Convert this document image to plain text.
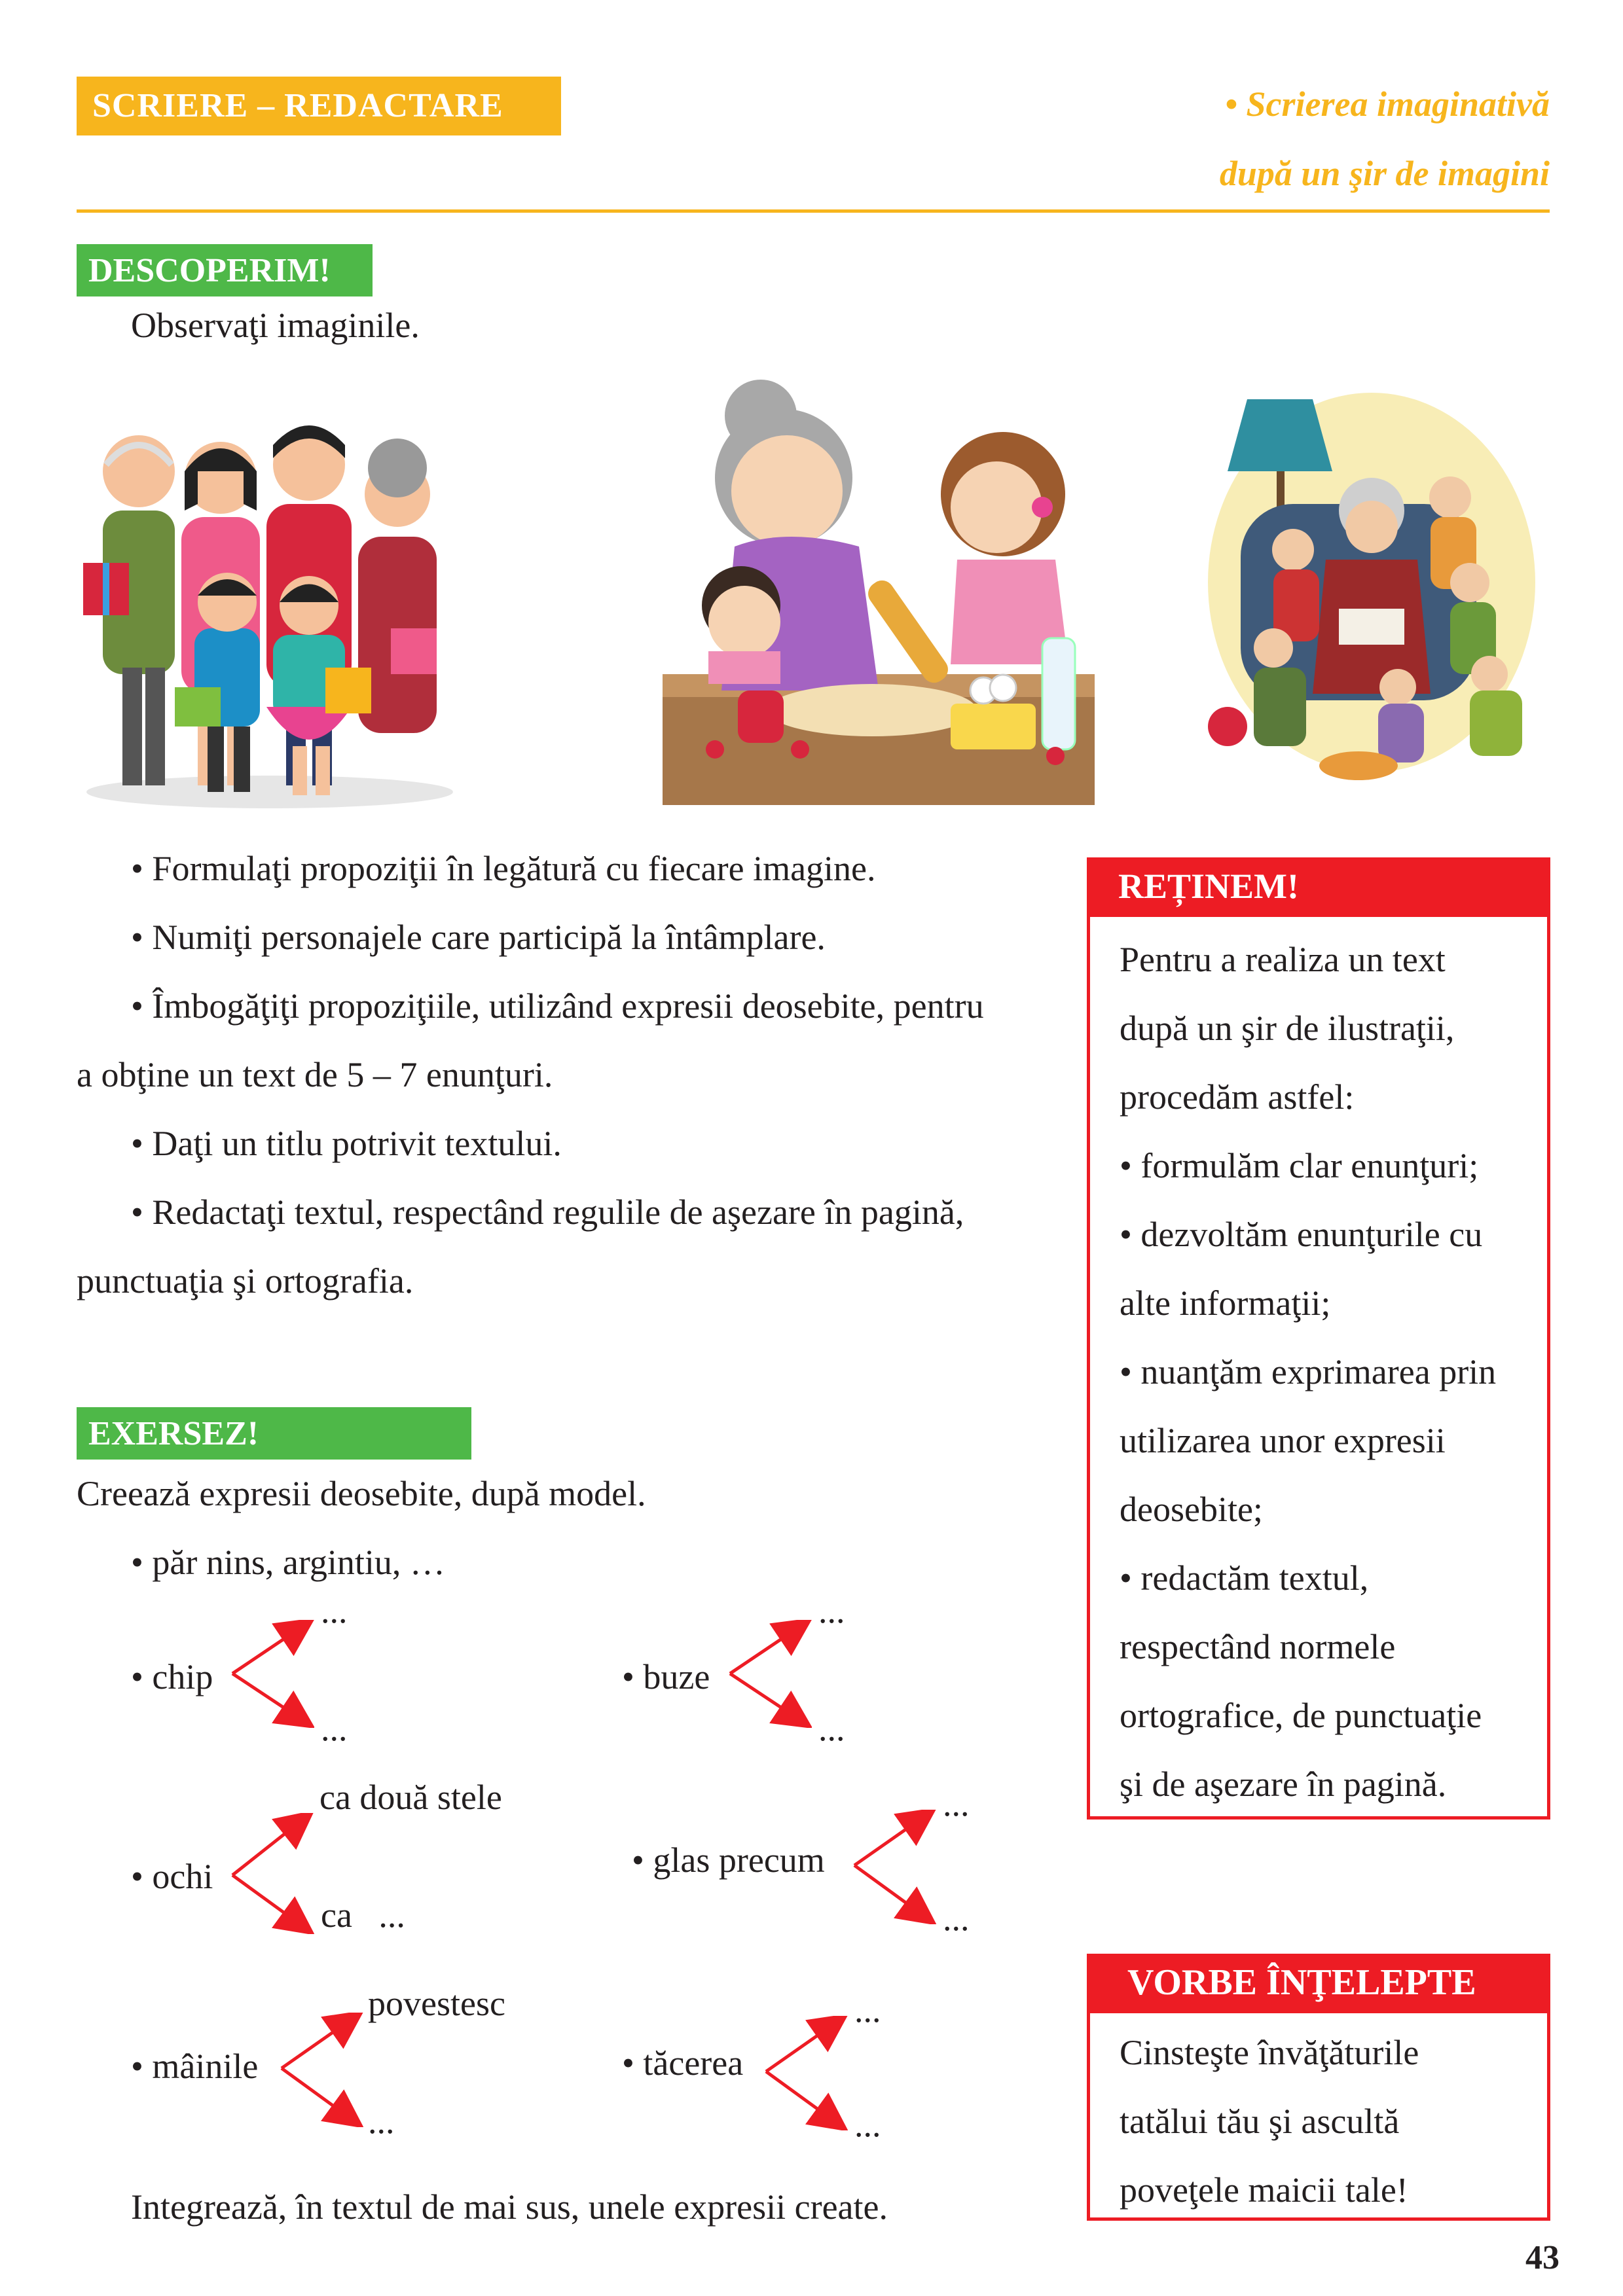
SCRIERE – REDACTARE	• Scrierea imaginativă
după un şir de imagini
DESCOPERIM!
Observaţi imaginile.
• Formulaţi propoziţii în legătură cu fiecare imagine.
• Numiţi personajele care participă la întâmplare.
• Îmbogăţiţi propoziţiile, utilizând expresii deosebite, pentru
a obţine un text de 5 – 7 enunţuri.
• Daţi un titlu potrivit textului.
• Redactaţi textul, respectând regulile de aşezare în pagină,
punctuaţia şi ortografia.
REȚINEM!
Pentru a realiza un text
după un şir de ilustraţii,
procedăm astfel:
• formulăm clar enunţuri;
• dezvoltăm enunţurile cu
alte informaţii;
• nuanţăm exprimarea prin
utilizarea unor expresii
deosebite;
• redactăm textul,
respectând normele
ortografice, de punctuaţie
şi de aşezare în pagină.
EXERSEZ!
Creează expresii deosebite, după model.
• păr nins, argintiu, …
• chip
...
...
• buze
...
...
• ochi
ca două stele
ca   ...
• glas precum
...
...
• mâinile
povestesc
...
• tăcerea
...
...
Integrează, în textul de mai sus, unele expresii create.
VORBE ÎNŢELEPTE
Cinsteşte învăţăturile
tatălui tău şi ascultă
poveţele maicii tale!
43
